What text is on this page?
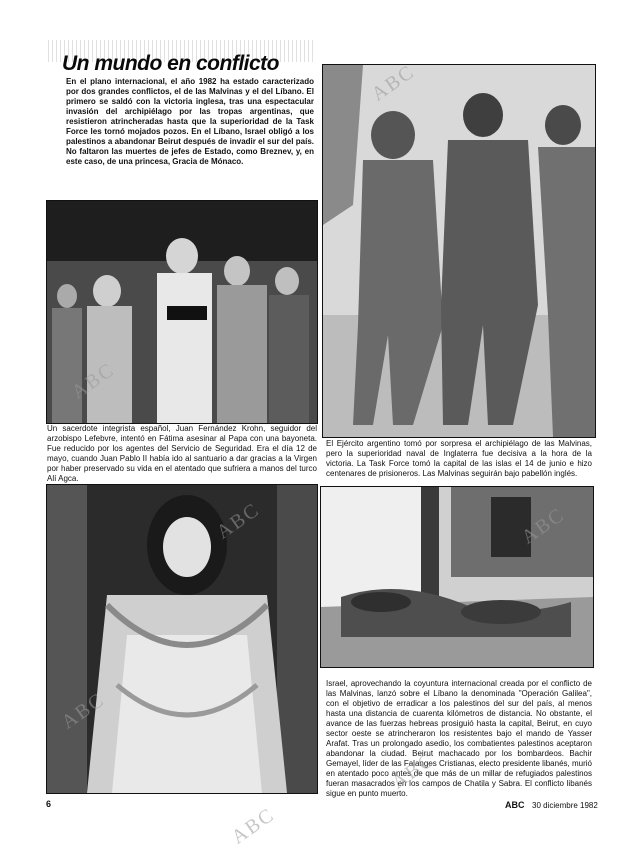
Un mundo en conflicto
En el plano internacional, el año 1982 ha estado caracterizado por dos grandes conflictos, el de las Malvinas y el del Líbano. El primero se saldó con la victoria inglesa, tras una espectacular invasión del archipiélago por las tropas argentinas, que resistieron atrincheradas hasta que la superioridad de la Task Force les tornó mojados pozos. En el Líbano, Israel obligó a los palestinos a abandonar Beirut después de invadir el sur del país. No faltaron las muertes de jefes de Estado, como Breznev, y, en este caso, de una princesa, Gracia de Mónaco.
Un sacerdote integrista español, Juan Fernández Krohn, seguidor del arzobispo Lefebvre, intentó en Fátima asesinar al Papa con una bayoneta. Fue reducido por los agentes del Servicio de Seguridad. Era el día 12 de mayo, cuando Juan Pablo II había ido al santuario a dar gracias a la Virgen por haber preservado su vida en el atentado que sufriera a manos del turco Alí Agca.
El Ejército argentino tomó por sorpresa el archipiélago de las Malvinas, pero la superioridad naval de Inglaterra fue decisiva a la hora de la victoria. La Task Force tomó la capital de las islas el 14 de junio e hizo centenares de prisioneros. Las Malvinas seguirán bajo pabellón inglés.
Israel, aprovechando la coyuntura internacional creada por el conflicto de las Malvinas, lanzó sobre el Líbano la denominada "Operación Galilea", con el objetivo de erradicar a los palestinos del sur del país, al menos hasta una distancia de cuarenta kilómetros de distancia. No obstante, el avance de las fuerzas hebreas prosiguió hasta la capital, Beirut, en cuyo sector oeste se atrincheraron los resistentes bajo el mando de Yasser Arafat. Tras un prolongado asedio, los combatientes palestinos aceptaron abandonar la ciudad. Beirut machacado por los bombardeos. Bachir Gemayel, líder de las Falanges Cristianas, electo presidente libanés, murió en atentado poco antes de que más de un millar de refugiados palestinos fueran masacrados en los campos de Chatila y Sabra. El conflicto libanés sigue en punto muerto.
ABC
ABC
ABC	ABC
ABC
ABC
ABC
6	ABC 30 diciembre 1982
